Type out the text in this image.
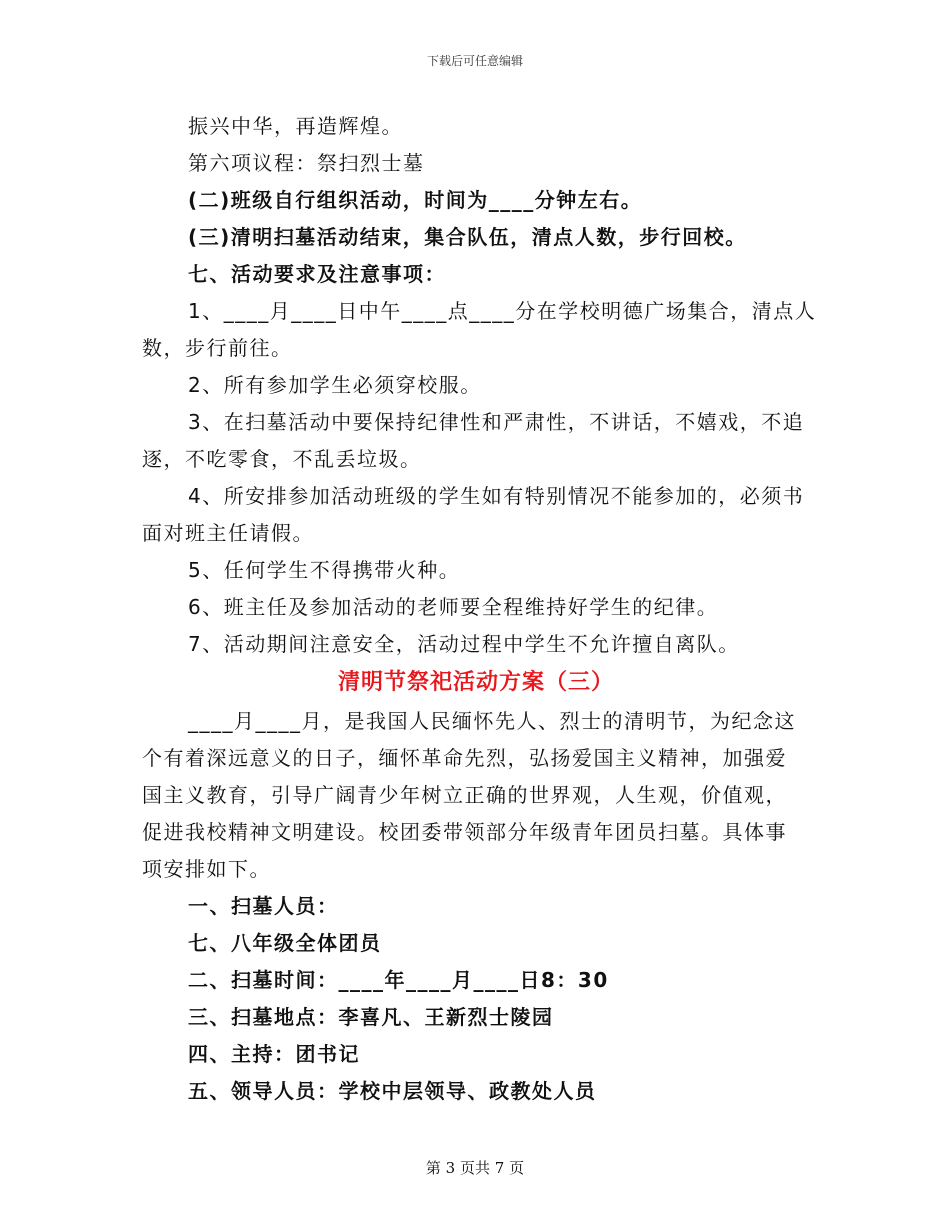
下载后可任意编辑

振兴中华，再造辉煌。

第六项议程：祭扫烈士墓

(二)班级自行组织活动，时间为____分钟左右。

(三)清明扫墓活动结束，集合队伍，清点人数，步行回校。

七、活动要求及注意事项：

1、____月____日中午____点____分在学校明德广场集合，清点人

数，步行前往。

2、所有参加学生必须穿校服。

3、在扫墓活动中要保持纪律性和严肃性，不讲话，不嬉戏，不追

逐，不吃零食，不乱丢垃圾。

4、所安排参加活动班级的学生如有特别情况不能参加的，必须书

面对班主任请假。

5、任何学生不得携带火种。

6、班主任及参加活动的老师要全程维持好学生的纪律。

7、活动期间注意安全，活动过程中学生不允许擅自离队。

清明节祭祀活动方案（三）

____月____月，是我国人民缅怀先人、烈士的清明节，为纪念这

个有着深远意义的日子，缅怀革命先烈，弘扬爱国主义精神，加强爱

国主义教育，引导广阔青少年树立正确的世界观，人生观，价值观，

促进我校精神文明建设。校团委带领部分年级青年团员扫墓。具体事

项安排如下。

一、扫墓人员：

七、八年级全体团员

二、扫墓时间：____年____月____日8：30

三、扫墓地点：李喜凡、王新烈士陵园

四、主持：团书记

五、领导人员：学校中层领导、政教处人员

第 3 页共 7 页
